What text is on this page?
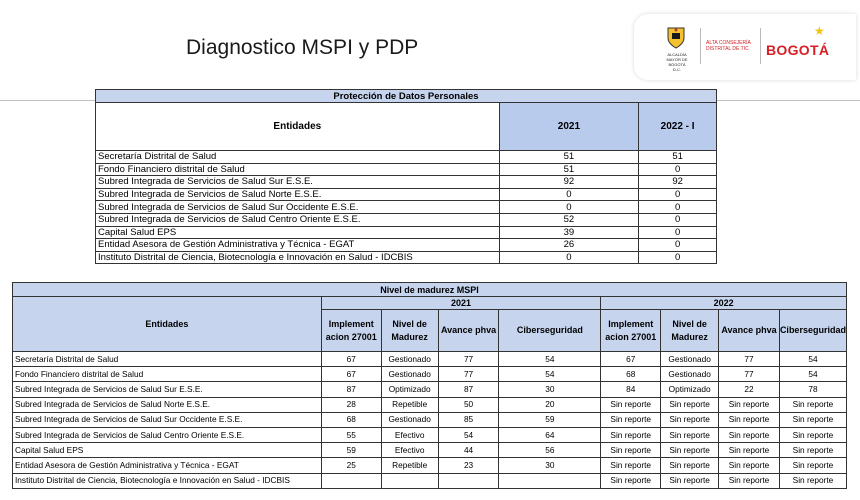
Diagnostico MSPI y PDP	ALCALDÍA MAYOR DE BOGOTÁ D.C.
ALTA CONSEJERÍA DISTRITAL DE TIC	BOGOTÁ
★
Protección de Datos Personales		
Entidades	2021	2022 - I
Secretaría Distrital de Salud	51	51
Fondo Financiero distrital de Salud	51	0
Subred Integrada de Servicios de Salud Sur E.S.E.	92	92
Subred Integrada de Servicios de Salud Norte E.S.E.	0	0
Subred Integrada de Servicios de Salud Sur Occidente E.S.E.	0	0
Subred Integrada de Servicios de Salud Centro Oriente E.S.E.	52	0
Capital Salud EPS	39	0
Entidad Asesora de Gestión Administrativa y Técnica - EGAT	26	0
Instituto Distrital de Ciencia, Biotecnología e Innovación en Salud - IDCBIS	0	0
Nivel de madurez MSPI								
Entidades	2021				2022			
	Implement acion 27001	Nivel de Madurez	Avance phva	Ciberseguridad	Implement acion 27001	Nivel de Madurez	Avance phva	Ciberseguridad
Secretaría Distrital de Salud	67	Gestionado	77	54	67	Gestionado	77	54
Fondo Financiero distrital de Salud	67	Gestionado	77	54	68	Gestionado	77	54
Subred Integrada de Servicios de Salud Sur E.S.E.	87	Optimizado	87	30	84	Optimizado	22	78
Subred Integrada de Servicios de Salud Norte E.S.E.	28	Repetible	50	20	Sin reporte	Sin reporte	Sin reporte	Sin reporte
Subred Integrada de Servicios de Salud Sur Occidente E.S.E.	68	Gestionado	85	59	Sin reporte	Sin reporte	Sin reporte	Sin reporte
Subred Integrada de Servicios de Salud Centro Oriente E.S.E.	55	Efectivo	54	64	Sin reporte	Sin reporte	Sin reporte	Sin reporte
Capital Salud EPS	59	Efectivo	44	56	Sin reporte	Sin reporte	Sin reporte	Sin reporte
Entidad Asesora de Gestión Administrativa y Técnica - EGAT	25	Repetible	23	30	Sin reporte	Sin reporte	Sin reporte	Sin reporte
Instituto Distrital de Ciencia, Biotecnología e Innovación en Salud - IDCBIS					Sin reporte	Sin reporte	Sin reporte	Sin reporte
